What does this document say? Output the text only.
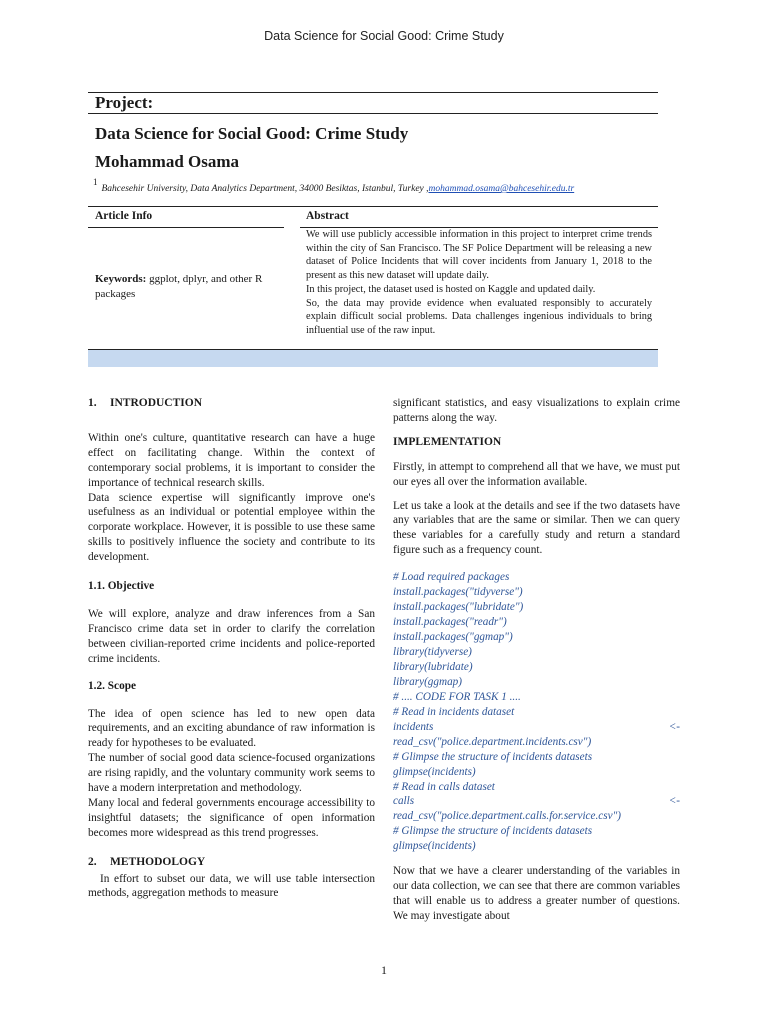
Data Science for Social Good: Crime Study
Project:
Data Science for Social Good: Crime Study
Mohammad Osama
$^1$Bahcesehir University, Data Analytics Department, 34000 Besiktas, Istanbul, Turkey ,mohammad.osama@bahcesehir.edu.tr
Article Info	Abstract
Keywords: ggplot, dplyr, and other R packages

We will use publicly accessible information in this project to interpret crime trends within the city of San Francisco. The SF Police Department will be releasing a new dataset of Police Incidents that will cover incidents from January 1, 2018 to the present as this new dataset will update daily.

In this project, the dataset used is hosted on Kaggle and updated daily.

So, the data may provide evidence when evaluated responsibly to accurately explain difficult social problems. Data challenges ingenious individuals to bring influential use of the raw input.

1. INTRODUCTION

Within one's culture, quantitative research can have a huge effect on facilitating change. Within the context of contemporary social problems, it is important to consider the importance of technical research skills.

Data science expertise will significantly improve one's usefulness as an individual or potential employee within the corporate workplace. However, it is possible to use these same skills to positively influence the society and contribute to its development.

1.1. Objective

We will explore, analyze and draw inferences from a San Francisco crime data set in order to clarify the correlation between civilian-reported crime incidents and police-reported crime incidents.

1.2. Scope

The idea of open science has led to new open data requirements, and an exciting abundance of raw information is ready for hypotheses to be evaluated.

The number of social good data science-focused organizations are rising rapidly, and the voluntary community work seems to have a modern interpretation and methodology.

Many local and federal governments encourage accessibility to insightful datasets; the significance of open information becomes more widespread as this trend progresses.

2. METHODOLOGY

In effort to subset our data, we will use table intersection methods, aggregation methods to measure

significant statistics, and easy visualizations to explain crime patterns along the way.

IMPLEMENTATION

Firstly, in attempt to comprehend all that we have, we must put our eyes all over the information available.

Let us take a look at the details and see if the two datasets have any variables that are the same or similar. Then we can query these variables for a carefully study and return a standard figure such as a frequency count.

# Load required packages
install.packages("tidyverse")
install.packages("lubridate")
install.packages("readr")
install.packages("ggmap")
library(tidyverse)
library(lubridate)
library(ggmap)
# .... CODE FOR TASK 1 ....
# Read in incidents dataset
incidents	<-
read_csv("police.department.incidents.csv")
# Glimpse the structure of incidents datasets
glimpse(incidents)
# Read in calls dataset
calls	<-
read_csv("police.department.calls.for.service.csv")
# Glimpse the structure of incidents datasets
glimpse(incidents)

Now that we have a clearer understanding of the variables in our data collection, we can see that there are common variables that will enable us to address a greater number of questions. We may investigate about

1
